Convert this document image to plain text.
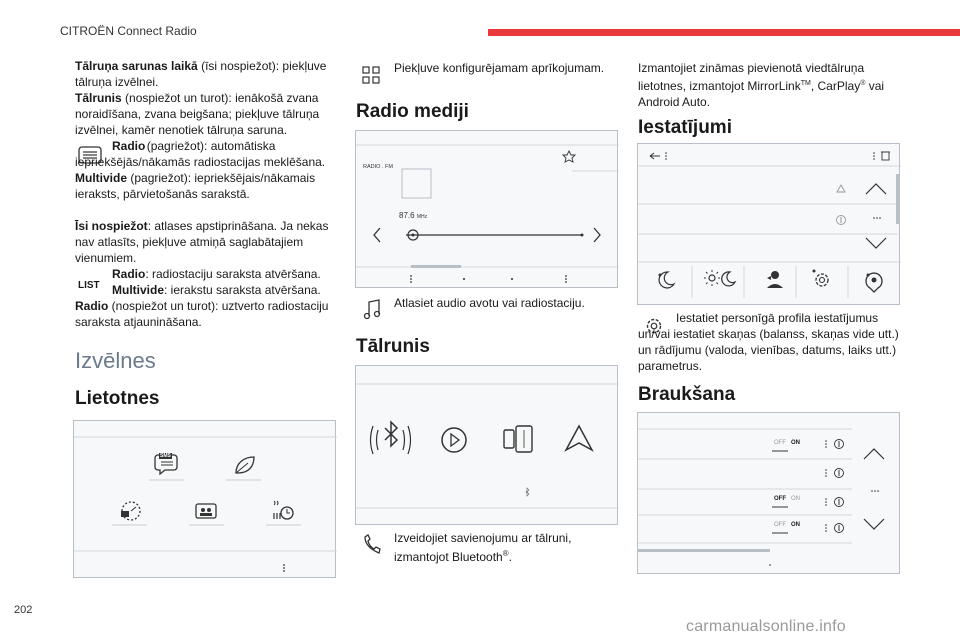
CITROËN Connect Radio
Tālruņa sarunas laikā (īsi nospiežot): piekļuve tālruņa izvēlnei.
Tālrunis (nospiežot un turot): ienākošā zvana noraidīšana, zvana beigšana; piekļuve tālruņa izvēlnei, kamēr nenotiek tālruņa saruna.
Radio
(pagriežot): automātiska iepriekšējās/nākamās radiostacijas meklēšana.
Multivide (pagriežot): iepriekšējais/nākamais ieraksts, pārvietošanās sarakstā.
Īsi nospiežot: atlases apstiprināšana. Ja nekas nav atlasīts, piekļuve atmiņā saglabātajiem vienumiem.
LIST
Radio: radiostaciju saraksta atvēršana.
Multivide: ierakstu saraksta atvēršana.
Radio (nospiežot un turot): uztverto radiostaciju saraksta atjaunināšana.
Izvēlnes
Lietotnes
SMS
202
Piekļuve konfigurējamam aprīkojumam.
Radio mediji
RADIO . FM
87.6 MHz
Atlasiet audio avotu vai radiostaciju.
Tālrunis
Izveidojiet savienojumu ar tālruni,
izmantojot Bluetooth®.
Izmantojiet zināmas pievienotā viedtālruņa lietotnes, izmantojot MirrorLink™, CarPlay® vai Android Auto.
Iestatījumi
Iestatiet personīgā profila iestatījumus un/vai iestatiet skaņas (balanss, skaņas vide utt.) un rādījumu (valoda, vienības, datums, laiks utt.) parametrus.
Braukšana
OFF ON
OFF ON
OFF ON
carmanualsonline.info
